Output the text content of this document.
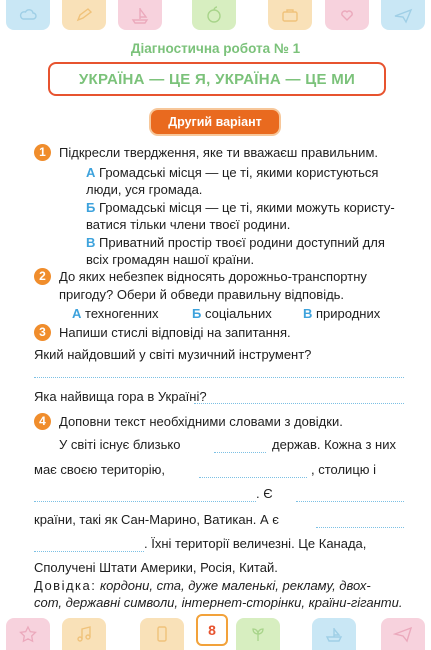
Діагностична робота № 1
УКРАЇНА — ЦЕ Я, УКРАЇНА — ЦЕ МИ
Другий варіант
1	Підкресли твердження, яке ти вважаєш правильним.
А Громадські місця — це ті, якими користуються
люди, уся громада.
Б Громадські місця — це ті, якими можуть користу-
ватися тільки члени твоєї родини.
В Приватний простір твоєї родини доступний для
всіх громадян нашої країни.
2	До яких небезпек відносять дорожньо-транспортну
пригоду? Обери й обведи правильну відповідь.
А техногенних	Б соціальних	В природних
3	Напиши стислі відповіді на запитання.
Який найдовший у світі музичний інструмент?
Яка найвища гора в Україні?
4	Доповни текст необхідними словами з довідки.
У світі існує близько	держав. Кожна з них
має своєю територію,	, столицю і
. Є
країни, такі як Сан-Марино, Ватикан. А є
. Їхні території величезні. Це Канада,
Сполучені Штати Америки, Росія, Китай.
Довідка: кордони, ста, дуже маленькі, рекламу, двох-
сот, державні символи, інтернет-сторінки, країни-гіганти.
8
